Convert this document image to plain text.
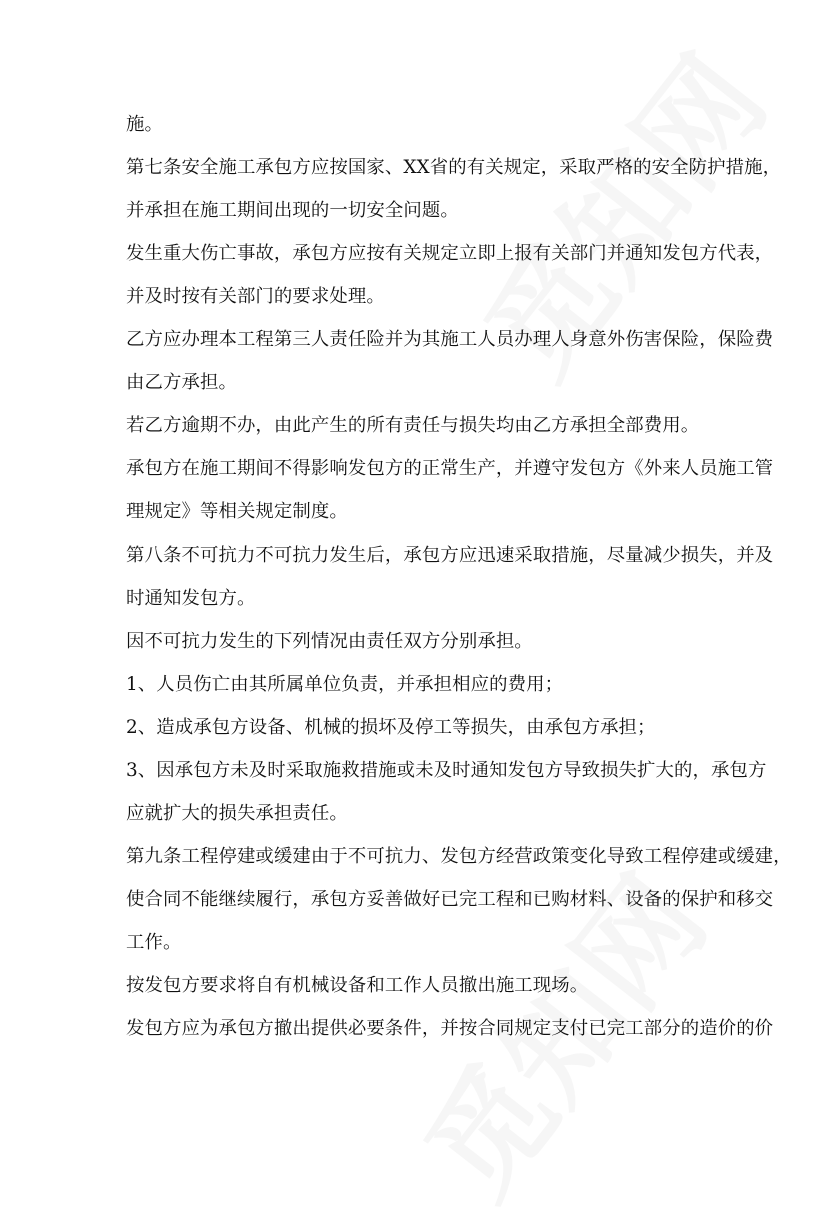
施。
第七条安全施工承包方应按国家、XX省的有关规定，采取严格的安全防护措施，
并承担在施工期间出现的一切安全问题。
发生重大伤亡事故，承包方应按有关规定立即上报有关部门并通知发包方代表，
并及时按有关部门的要求处理。
乙方应办理本工程第三人责任险并为其施工人员办理人身意外伤害保险，保险费
由乙方承担。
若乙方逾期不办，由此产生的所有责任与损失均由乙方承担全部费用。
承包方在施工期间不得影响发包方的正常生产，并遵守发包方《外来人员施工管
理规定》等相关规定制度。
第八条不可抗力不可抗力发生后，承包方应迅速采取措施，尽量减少损失，并及
时通知发包方。
因不可抗力发生的下列情况由责任双方分别承担。
1、人员伤亡由其所属单位负责，并承担相应的费用；
2、造成承包方设备、机械的损坏及停工等损失，由承包方承担；
3、因承包方未及时采取施救措施或未及时通知发包方导致损失扩大的，承包方
应就扩大的损失承担责任。
第九条工程停建或缓建由于不可抗力、发包方经营政策变化导致工程停建或缓建，
使合同不能继续履行，承包方妥善做好已完工程和已购材料、设备的保护和移交
工作。
按发包方要求将自有机械设备和工作人员撤出施工现场。
发包方应为承包方撤出提供必要条件，并按合同规定支付已完工部分的造价的价
